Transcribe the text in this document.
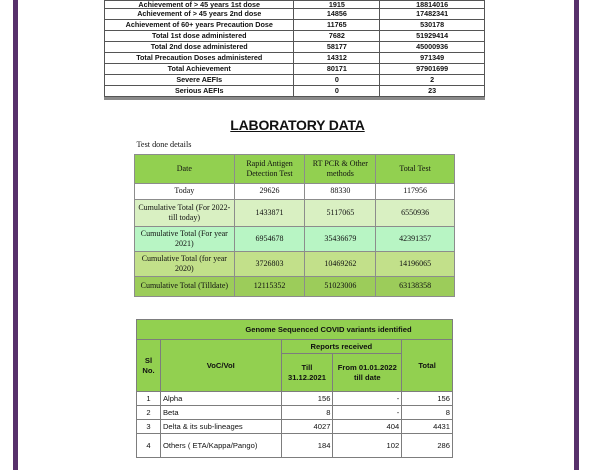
Achievement of > 45 years 1st dose	1915	18814016
Achievement of > 45 years 2nd dose	14856	17482341
Achievement of 60+ years Precaution Dose	11765	530178
Total 1st dose administered	7682	51929414
Total 2nd dose administered	58177	45000936
Total Precaution Doses administered	14312	971349
Total Achievement	80171	97901699
Severe AEFIs	0	2
Serious AEFIs	0	23
LABORATORY DATA
Test done details			
Date	Rapid Antigen Detection Test	RT PCR & Other methods	Total Test
Today	29626	88330	117956
Cumulative Total (For 2022- till today)	1433871	5117065	6550936
Cumulative Total (For year 2021)	6954678	35436679	42391357
Cumulative Total (for year 2020)	3726803	10469262	14196065
Cumulative Total (Tilldate)	12115352	51023006	63138358
Genome Sequenced COVID variants identified				
Sl No.	VoC/VoI	Reports received		Total
		Till 31.12.2021	From 01.01.2022 till date	
1	Alpha	156	-	156
2	Beta	8	-	8
3	Delta & its sub-lineages	4027	404	4431
4	Others ( ETA/Kappa/Pango)	184	102	286
